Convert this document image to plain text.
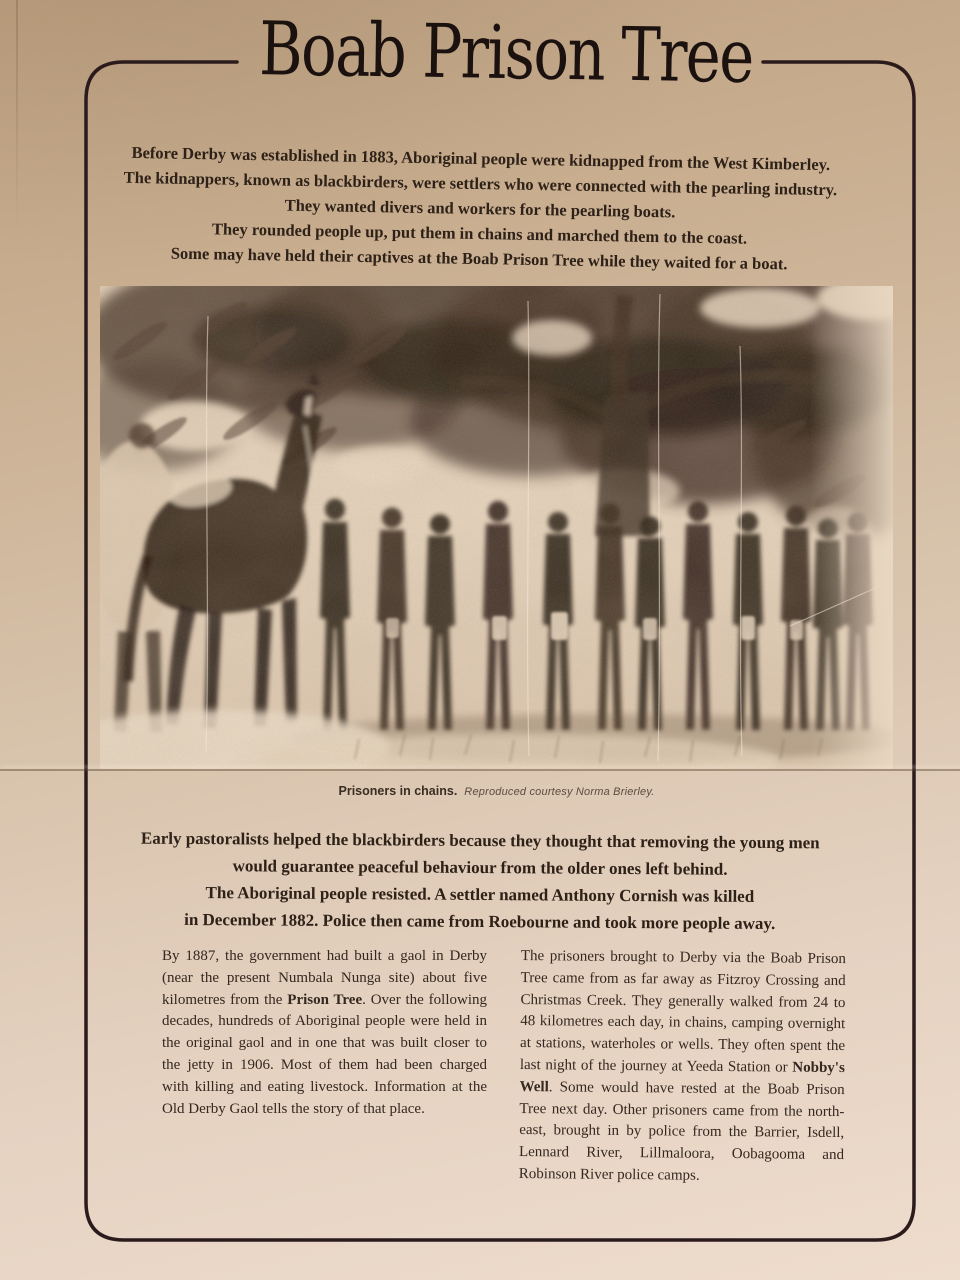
Boab Prison Tree
Before Derby was established in 1883, Aboriginal people were kidnapped from the West Kimberley.
The kidnappers, known as blackbirders, were settlers who were connected with the pearling industry.
They wanted divers and workers for the pearling boats.
They rounded people up, put them in chains and marched them to the coast.
Some may have held their captives at the Boab Prison Tree while they waited for a boat.
Prisoners in chains. Reproduced courtesy Norma Brierley.
Early pastoralists helped the blackbirders because they thought that removing the young men
would guarantee peaceful behaviour from the older ones left behind.
The Aboriginal people resisted. A settler named Anthony Cornish was killed
in December 1882. Police then came from Roebourne and took more people away.
By 1887, the government had built a gaol in Derby (near the present Numbala Nunga site) about five kilometres from the Prison Tree. Over the following decades, hundreds of Aboriginal people were held in the original gaol and in one that was built closer to the jetty in 1906. Most of them had been charged with killing and eating livestock. Information at the Old Derby Gaol tells the story of that place.
The prisoners brought to Derby via the Boab Prison Tree came from as far away as Fitzroy Crossing and Christmas Creek. They generally walked from 24 to 48 kilometres each day, in chains, camping overnight at stations, waterholes or wells. They often spent the last night of the journey at Yeeda Station or Nobby's Well. Some would have rested at the Boab Prison Tree next day. Other prisoners came from the north-east, brought in by police from the Barrier, Isdell, Lennard River, Lillmaloora, Oobagooma and Robinson River police camps.
